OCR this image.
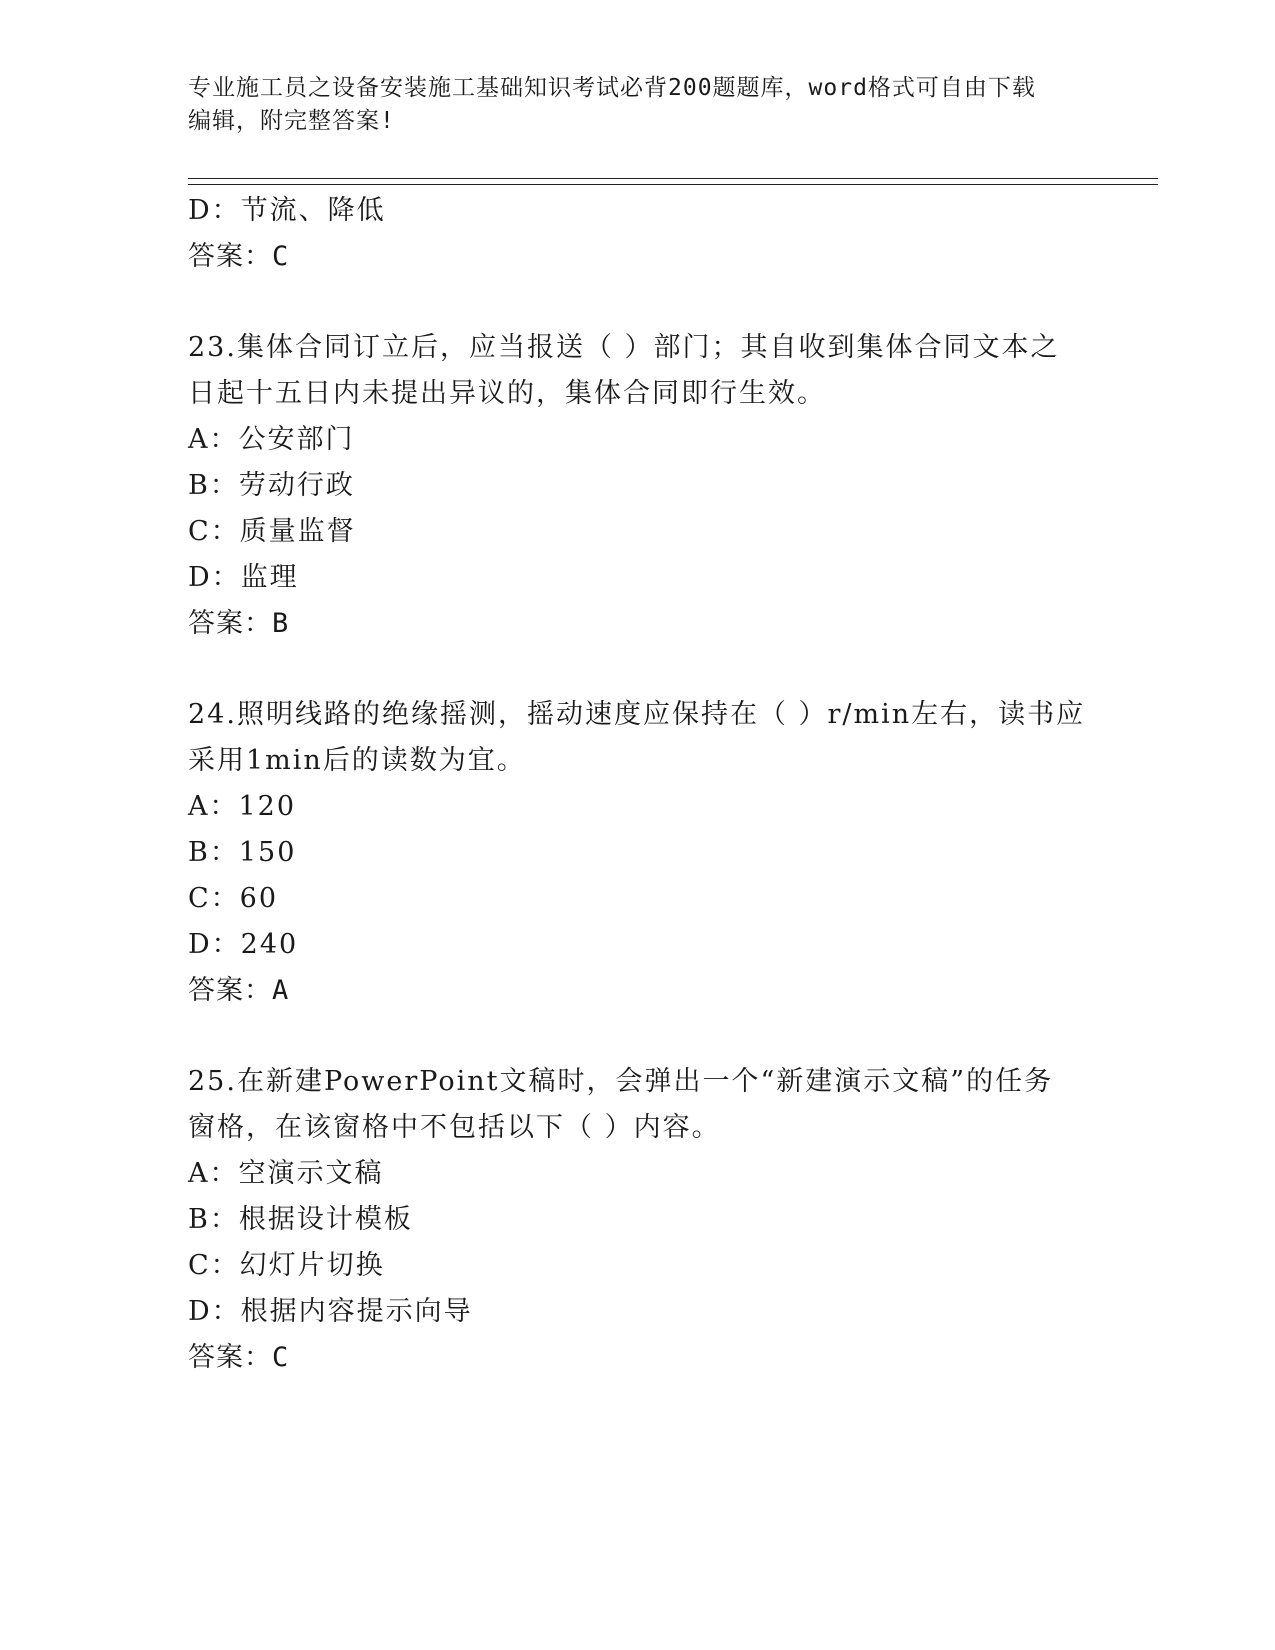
专业施工员之设备安装施工基础知识考试必背200题题库，word格式可自由下载
编辑，附完整答案!
D：节流、降低
答案：C
23.集体合同订立后，应当报送（ ）部门；其自收到集体合同文本之
日起十五日内未提出异议的，集体合同即行生效。
A：公安部门
B：劳动行政
C：质量监督
D：监理
答案：B
24.照明线路的绝缘摇测，摇动速度应保持在（ ）r/min左右，读书应
采用1min后的读数为宜。
A：120
B：150
C：60
D：240
答案：A
25.在新建PowerPoint文稿时，会弹出一个“新建演示文稿”的任务
窗格，在该窗格中不包括以下（ ）内容。
A：空演示文稿
B：根据设计模板
C：幻灯片切换
D：根据内容提示向导
答案：C
